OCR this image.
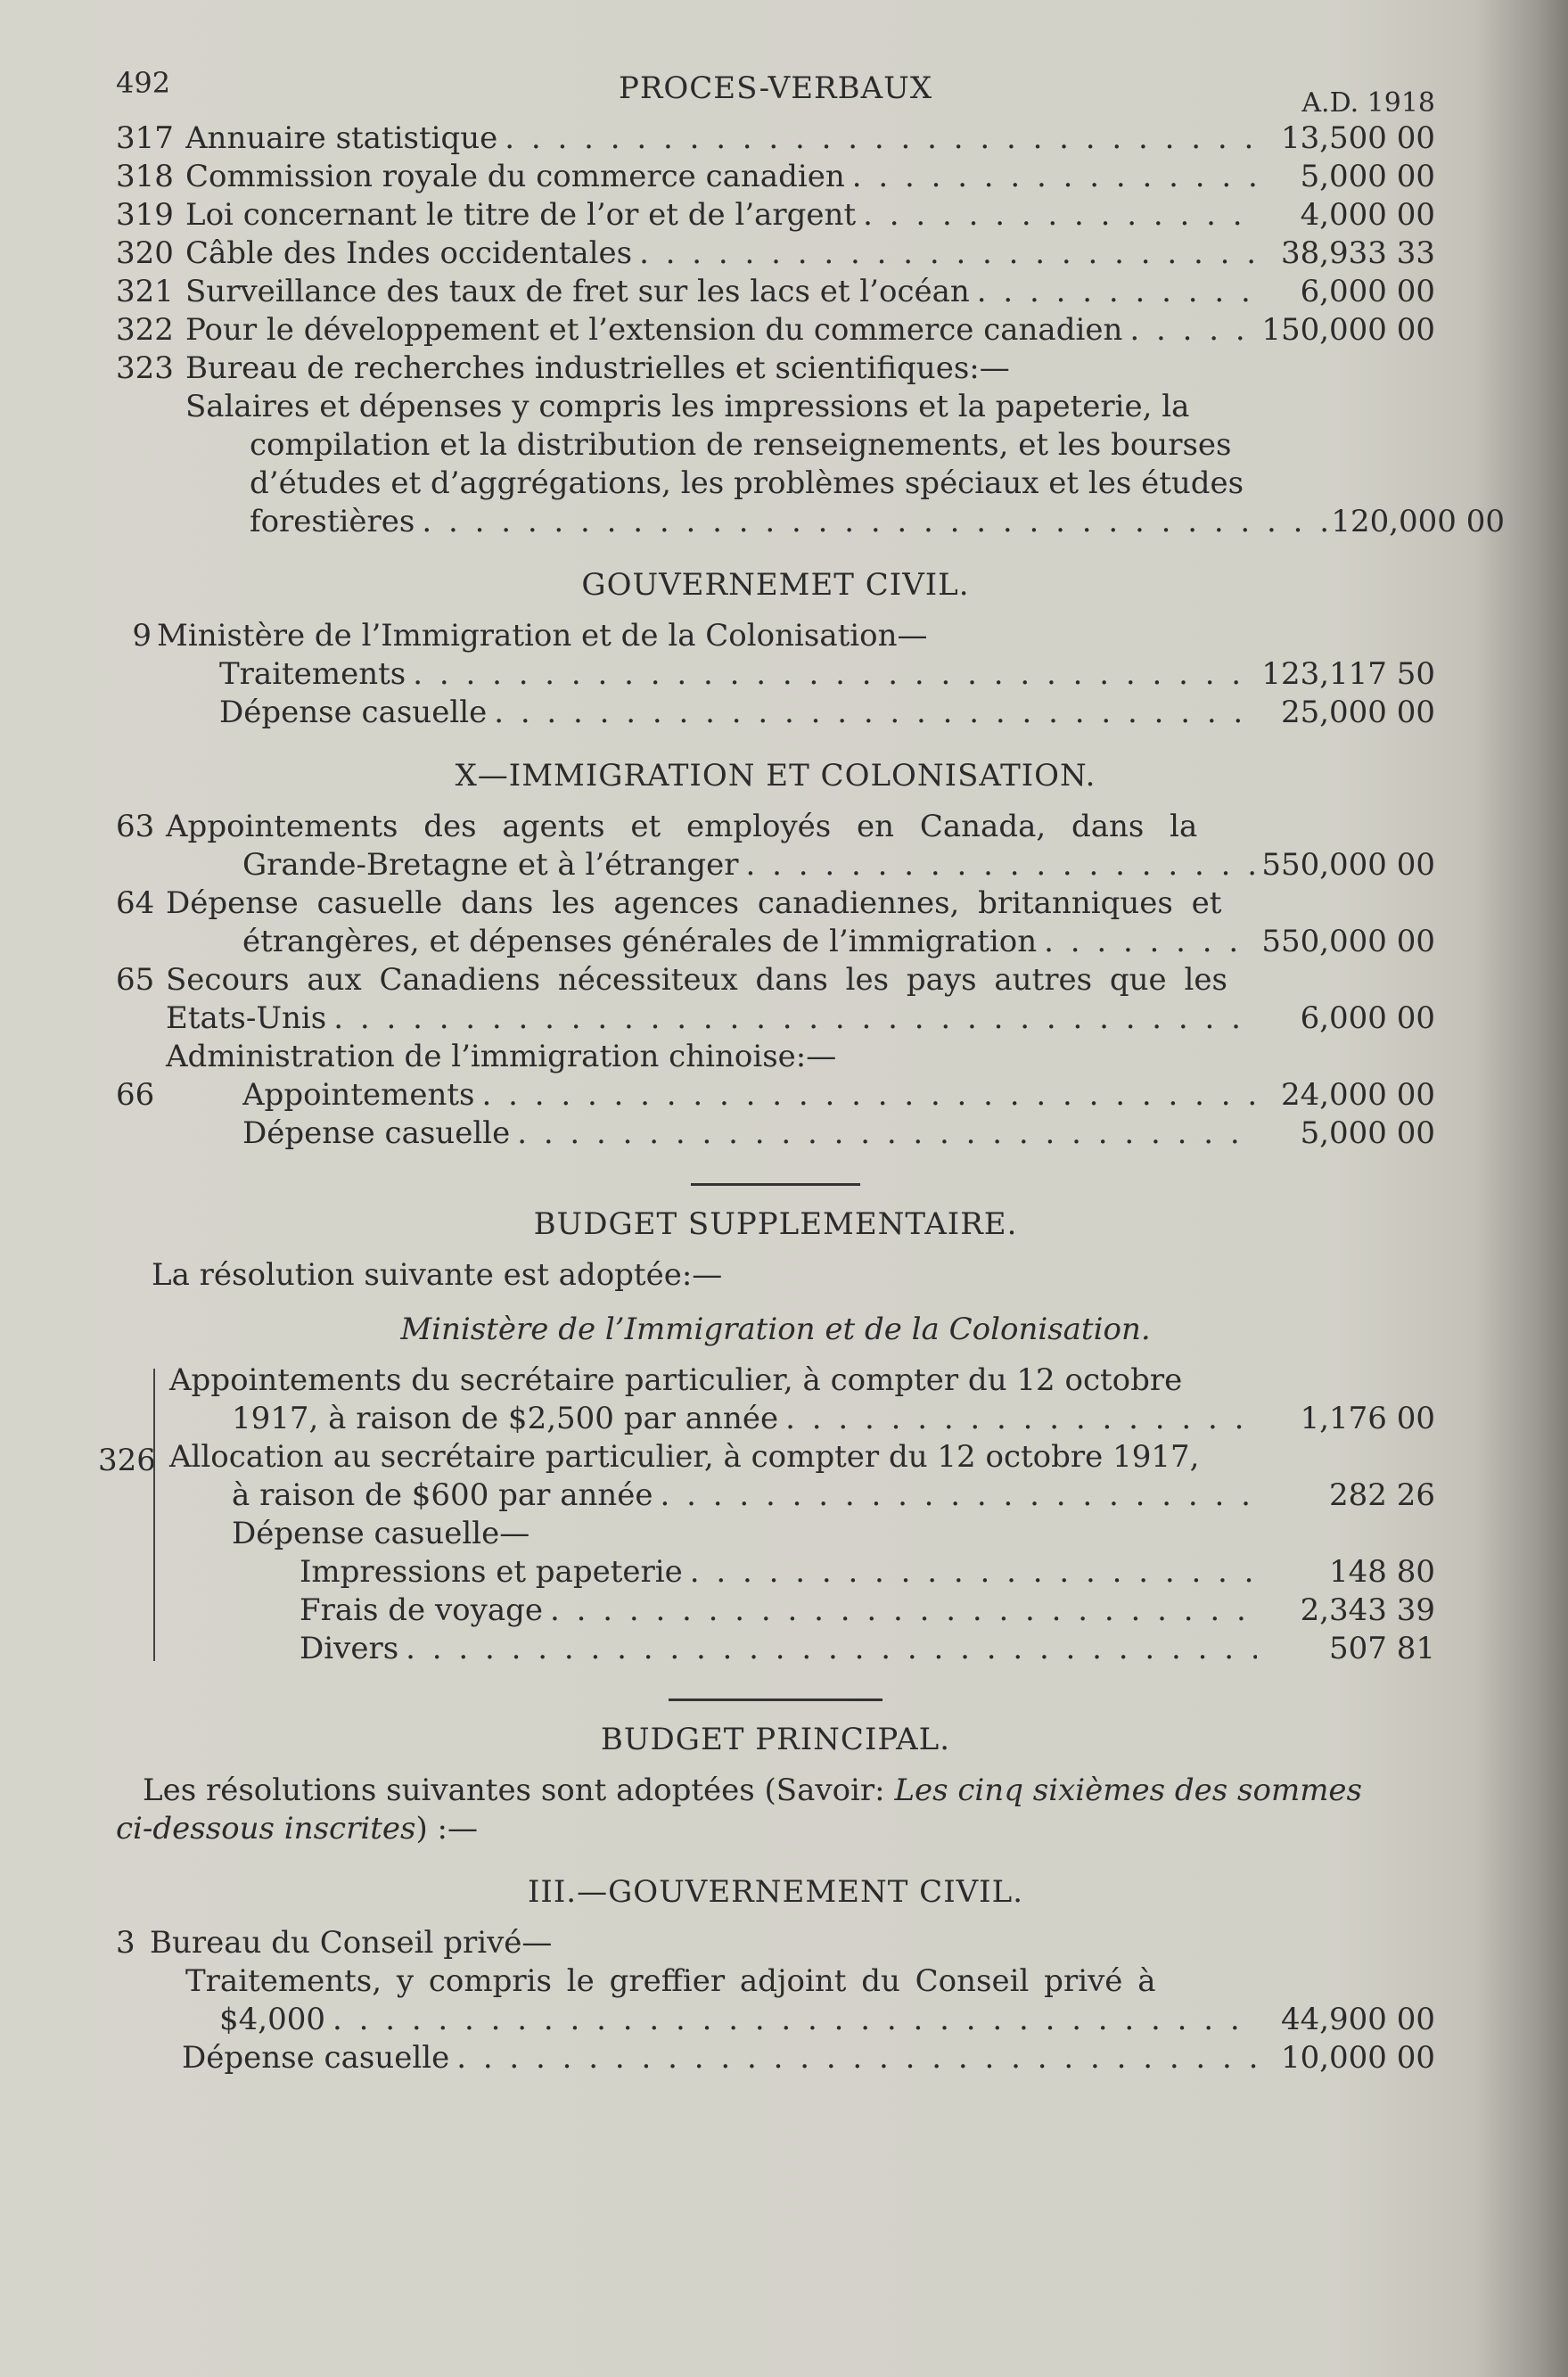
492	PROCES-VERBAUX	A.D. 1918
317 Annuaire statistique . . .	13,500 00
318 Commission royale du commerce canadien . . .	5,000 00
319 Loi concernant le titre de l’or et de l’argent . . .	4,000 00
320 Câble des Indes occidentales . . .	38,933 33
321 Surveillance des taux de fret sur les lacs et l’océan . . .	6,000 00
322 Pour le développement et l’extension du commerce canadien . . .	150,000 00
323 Bureau de recherches industrielles et scientifiques:—
Salaires et dépenses y compris les impressions et la papeterie, la
compilation et la distribution de renseignements, et les bourses
d’études et d’aggrégations, les problèmes spéciaux et les études
forestières . . .	120,000 00
GOUVERNEMET CIVIL.
9 Ministère de l’Immigration et de la Colonisation—
Traitements . . .	123,117 50
Dépense casuelle . . .	25,000 00
X—IMMIGRATION ET COLONISATION.
63 Appointements des agents et employés en Canada, dans la
Grande-Bretagne et à l’étranger . . .	550,000 00
64 Dépense casuelle dans les agences canadiennes, britanniques et
étrangères, et dépenses générales de l’immigration . . .	550,000 00
65 Secours aux Canadiens nécessiteux dans les pays autres que les
Etats-Unis . . .	6,000 00
Administration de l’immigration chinoise:—
66	Appointements . . .	24,000 00
Dépense casuelle . . .	5,000 00
BUDGET SUPPLEMENTAIRE.
La résolution suivante est adoptée:—
Ministère de l’Immigration et de la Colonisation.
326
Appointements du secrétaire particulier, à compter du 12 octobre
1917, à raison de $2,500 par année . . .	1,176 00
Allocation au secrétaire particulier, à compter du 12 octobre 1917,
à raison de $600 par année . . .	282 26
Dépense casuelle—
Impressions et papeterie . . .	148 80
Frais de voyage . . .	2,343 39
Divers . . .	507 81
BUDGET PRINCIPAL.
Les résolutions suivantes sont adoptées (Savoir: Les cinq sixièmes des sommes
ci-dessous inscrites) :—
III.—GOUVERNEMENT CIVIL.
3 Bureau du Conseil privé—
Traitements, y compris le greffier adjoint du Conseil privé à
$4,000 . . .	44,900 00
Dépense casuelle . . .	10,000 00
